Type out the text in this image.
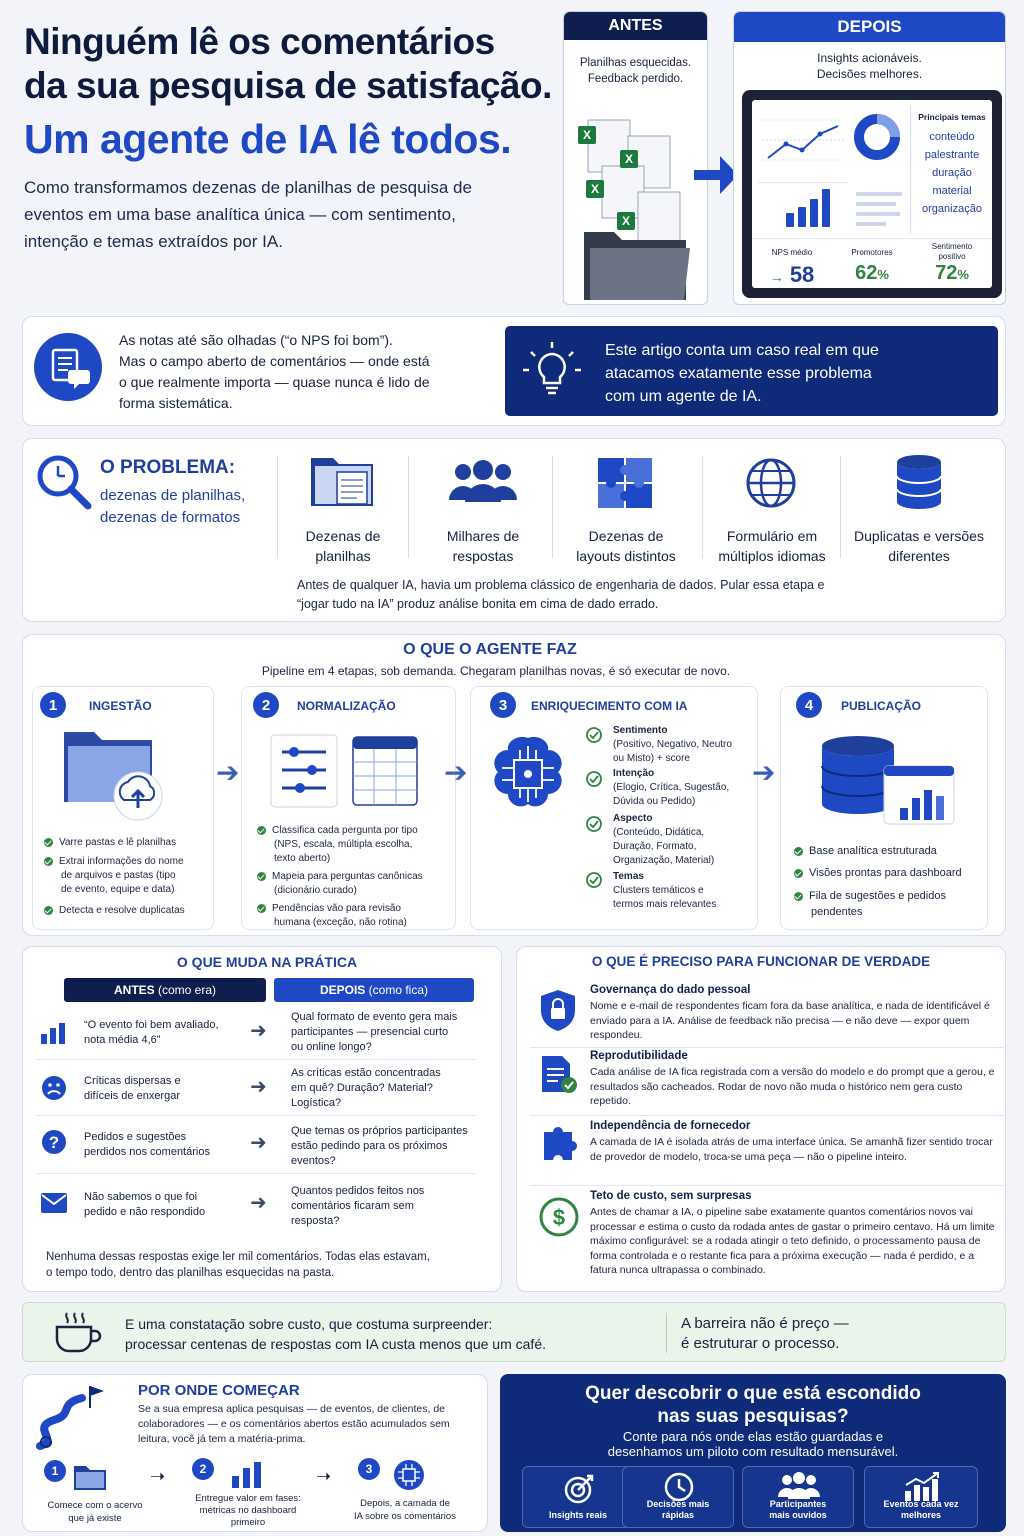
Ninguém lê os comentários
da sua pesquisa de satisfação.
Um agente de IA lê todos.
Como transformamos dezenas de planilhas de pesquisa de
eventos em uma base analítica única — com sentimento,
intenção e temas extraídos por IA.
ANTES
Planilhas esquecidas.
Feedback perdido.
X
X
X
X
DEPOIS
Insights acionáveis.
Decisões melhores.
Principais temas
conteúdo
palestrante
duração
material
organização
NPS médio
→ 58
Promotores
62%
Sentimento positivo
72%
As notas até são olhadas (“o NPS foi bom”).
Mas o campo aberto de comentários — onde está
o que realmente importa — quase nunca é lido de
forma sistemática.
Este artigo conta um caso real em que
atacamos exatamente esse problema
com um agente de IA.
O PROBLEMA:
dezenas de planilhas,
dezenas de formatos
Dezenas de
planilhas
Milhares de
respostas
Dezenas de
layouts distintos
Formulário em
múltiplos idiomas
Duplicatas e versões
diferentes
Antes de qualquer IA, havia um problema clássico de engenharia de dados. Pular essa etapa e
“jogar tudo na IA” produz análise bonita em cima de dado errado.
O QUE O AGENTE FAZ
Pipeline em 4 etapas, sob demanda. Chegaram planilhas novas, é só executar de novo.
1	INGESTÃO
Varre pastas e lê planilhas
Extrai informações do nome
de arquivos e pastas (tipo
de evento, equipe e data)
Detecta e resolve duplicatas
➔
2	NORMALIZAÇÃO
Classifica cada pergunta por tipo
(NPS, escala, múltipla escolha,
texto aberto)
Mapeia para perguntas canônicas
(dicionário curado)
Pendências vão para revisão
humana (exceção, não rotina)
➔
3	ENRIQUECIMENTO COM IA
Sentimento
(Positivo, Negativo, Neutro
ou Misto) + score
Intenção
(Elogio, Crítica, Sugestão,
Dúvida ou Pedido)
Aspecto
(Conteúdo, Didática,
Duração, Formato,
Organização, Material)
Temas
Clusters temáticos e
termos mais relevantes
➔
4	PUBLICAÇÃO
Base analítica estruturada
Visões prontas para dashboard
Fila de sugestões e pedidos
pendentes
O QUE MUDA NA PRÁTICA
ANTES (como era)	DEPOIS (como fica)
“O evento foi bem avaliado,
nota média 4,6”	➜
Qual formato de evento gera mais
participantes — presencial curto
ou online longo?
Críticas dispersas e
difíceis de enxergar	➜
As críticas estão concentradas
em quê? Duração? Material?
Logística?
? Pedidos e sugestões
perdidos nos comentários ➜
Que temas os próprios participantes
estão pedindo para os próximos
eventos?
Não sabemos o que foi
pedido e não respondido ➜
Quantos pedidos feitos nos
comentários ficaram sem
resposta?
Nenhuma dessas respostas exige ler mil comentários. Todas elas estavam,
o tempo todo, dentro das planilhas esquecidas na pasta.
O QUE É PRECISO PARA FUNCIONAR DE VERDADE
Governança do dado pessoal
Nome e e-mail de respondentes ficam fora da base analítica, e nada de identificável é enviado para a IA. Análise de feedback não precisa — e não deve — expor quem respondeu.
Reprodutibilidade
Cada análise de IA fica registrada com a versão do modelo e do prompt que a gerou, e resultados são cacheados. Rodar de novo não muda o histórico nem gera custo repetido.
Independência de fornecedor
A camada de IA é isolada atrás de uma interface única. Se amanhã fizer sentido trocar de provedor de modelo, troca-se uma peça — não o pipeline inteiro.
$
Teto de custo, sem surpresas
Antes de chamar a IA, o pipeline sabe exatamente quantos comentários novos vai processar e estima o custo da rodada antes de gastar o primeiro centavo. Há um limite máximo configurável: se a rodada atingir o teto definido, o processamento pausa de forma controlada e o restante fica para a próxima execução — nada é perdido, e a fatura nunca ultrapassa o combinado.
E uma constatação sobre custo, que costuma surpreender:
processar centenas de respostas com IA custa menos que um café.
A barreira não é preço —
é estruturar o processo.
POR ONDE COMEÇAR
Se a sua empresa aplica pesquisas — de eventos, de clientes, de
colaboradores — e os comentários abertos estão acumulados sem
leitura, você já tem a matéria-prima.
1
Comece com o acervo
que já existe
➝	2
Entregue valor em fases:
métricas no dashboard
primeiro
➝	3
Depois, a camada de
IA sobre os comentários
Quer descobrir o que está escondido
nas suas pesquisas?
Conte para nós onde elas estão guardadas e
desenhamos um piloto com resultado mensurável.
Insights reais
Decisões mais
rápidas
Participantes
mais ouvidos
Eventos cada vez
melhores
